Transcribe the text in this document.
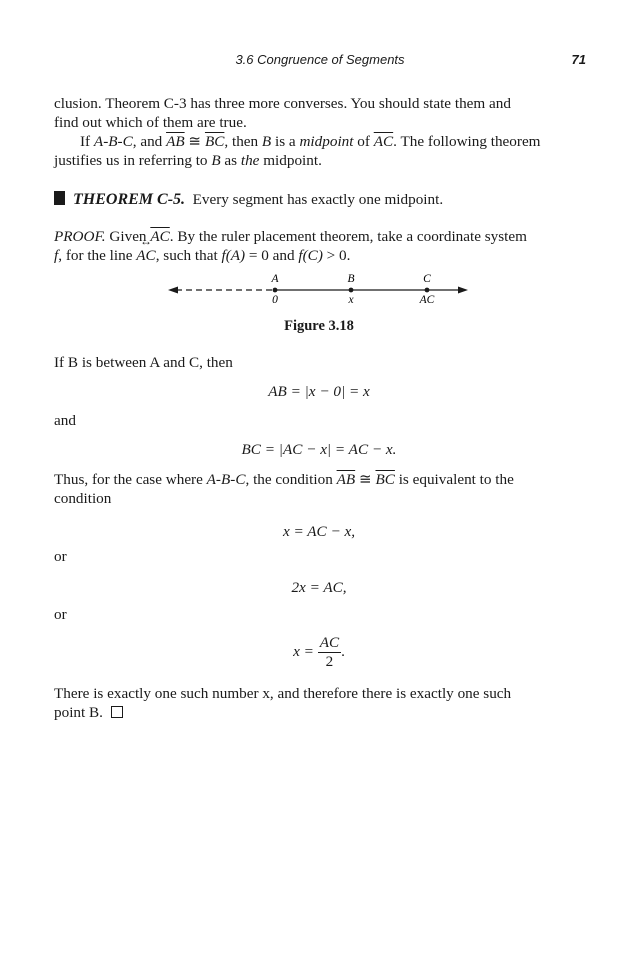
3.6 Congruence of Segments	71

clusion. Theorem C-3 has three more converses. You should state them and
find out which of them are true.

If A-B-C, and $\overline{AB}$ ≅ $\overline{BC}$, then B is a midpoint of $\overline{AC}$. The following theorem
justifies us in referring to B as the midpoint.

THEOREM C-5. Every segment has exactly one midpoint.

PROOF. Given $\overline{AC}$. By the ruler placement theorem, take a coordinate system
f, for the line ↔ AC, such that f(A) = 0 and f(C) > 0.

A
0
B
x
C
AC
Figure 3.18

If B is between A and C, then

AB = |x − 0| = x
and
BC = |AC − x| = AC − x.

Thus, for the case where A-B-C, the condition $\overline{AB}$ ≅ $\overline{BC}$ is equivalent to the
condition

x = AC − x,
or
2x = AC,
or
$x = \frac{AC}{2}$ .

There is exactly one such number x, and therefore there is exactly one such
point B.
